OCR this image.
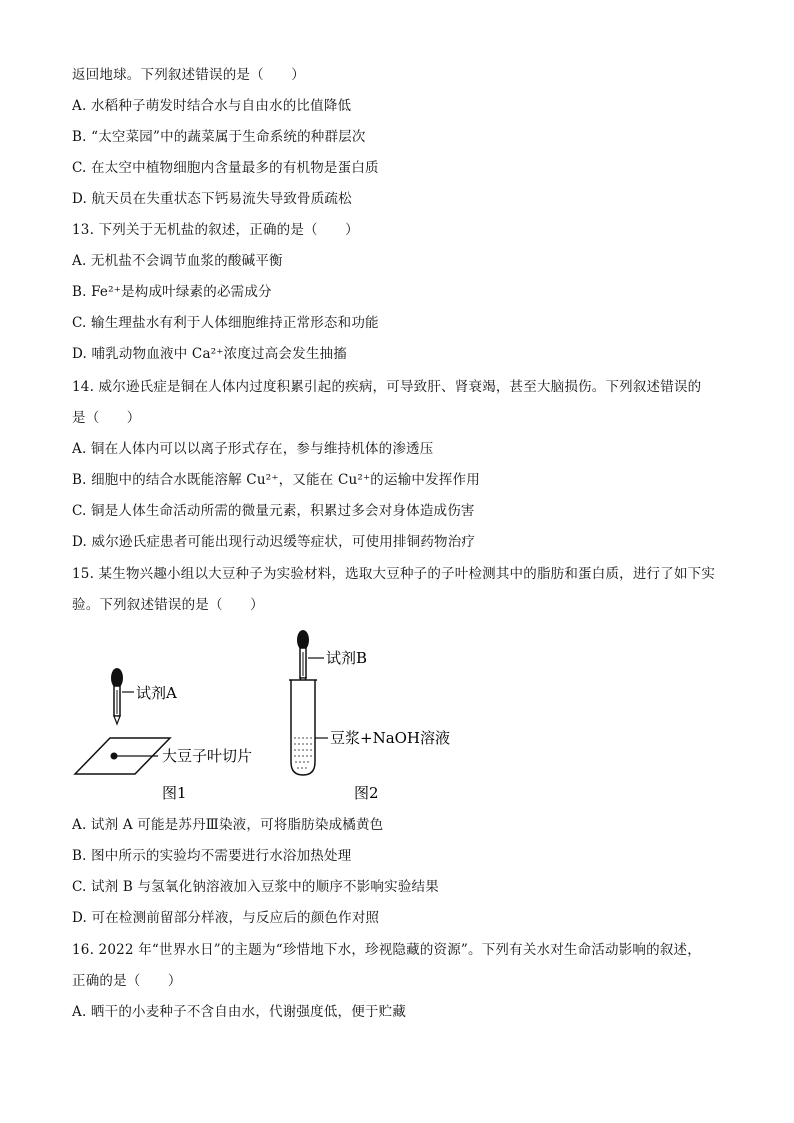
返回地球。下列叙述错误的是（　　）
A. 水稻种子萌发时结合水与自由水的比值降低
B. “太空菜园”中的蔬菜属于生命系统的种群层次
C. 在太空中植物细胞内含量最多的有机物是蛋白质
D. 航天员在失重状态下钙易流失导致骨质疏松
13. 下列关于无机盐的叙述，正确的是（　　）
A. 无机盐不会调节血浆的酸碱平衡
B. Fe²⁺是构成叶绿素的必需成分
C. 输生理盐水有利于人体细胞维持正常形态和功能
D. 哺乳动物血液中 Ca²⁺浓度过高会发生抽搐
14. 威尔逊氏症是铜在人体内过度积累引起的疾病，可导致肝、肾衰竭，甚至大脑损伤。下列叙述错误的
是（　　）
A. 铜在人体内可以以离子形式存在，参与维持机体的渗透压
B. 细胞中的结合水既能溶解 Cu²⁺，又能在 Cu²⁺的运输中发挥作用
C. 铜是人体生命活动所需的微量元素，积累过多会对身体造成伤害
D. 威尔逊氏症患者可能出现行动迟缓等症状，可使用排铜药物治疗
15. 某生物兴趣小组以大豆种子为实验材料，选取大豆种子的子叶检测其中的脂肪和蛋白质，进行了如下实
验。下列叙述错误的是（　　）
试剂A
大豆子叶切片
图1
试剂B
豆浆+NaOH溶液
图2
A. 试剂 A 可能是苏丹Ⅲ染液，可将脂肪染成橘黄色
B. 图中所示的实验均不需要进行水浴加热处理
C. 试剂 B 与氢氧化钠溶液加入豆浆中的顺序不影响实验结果
D. 可在检测前留部分样液，与反应后的颜色作对照
16. 2022 年“世界水日”的主题为“珍惜地下水，珍视隐藏的资源”。下列有关水对生命活动影响的叙述，
正确的是（　　）
A. 晒干的小麦种子不含自由水，代谢强度低，便于贮藏
